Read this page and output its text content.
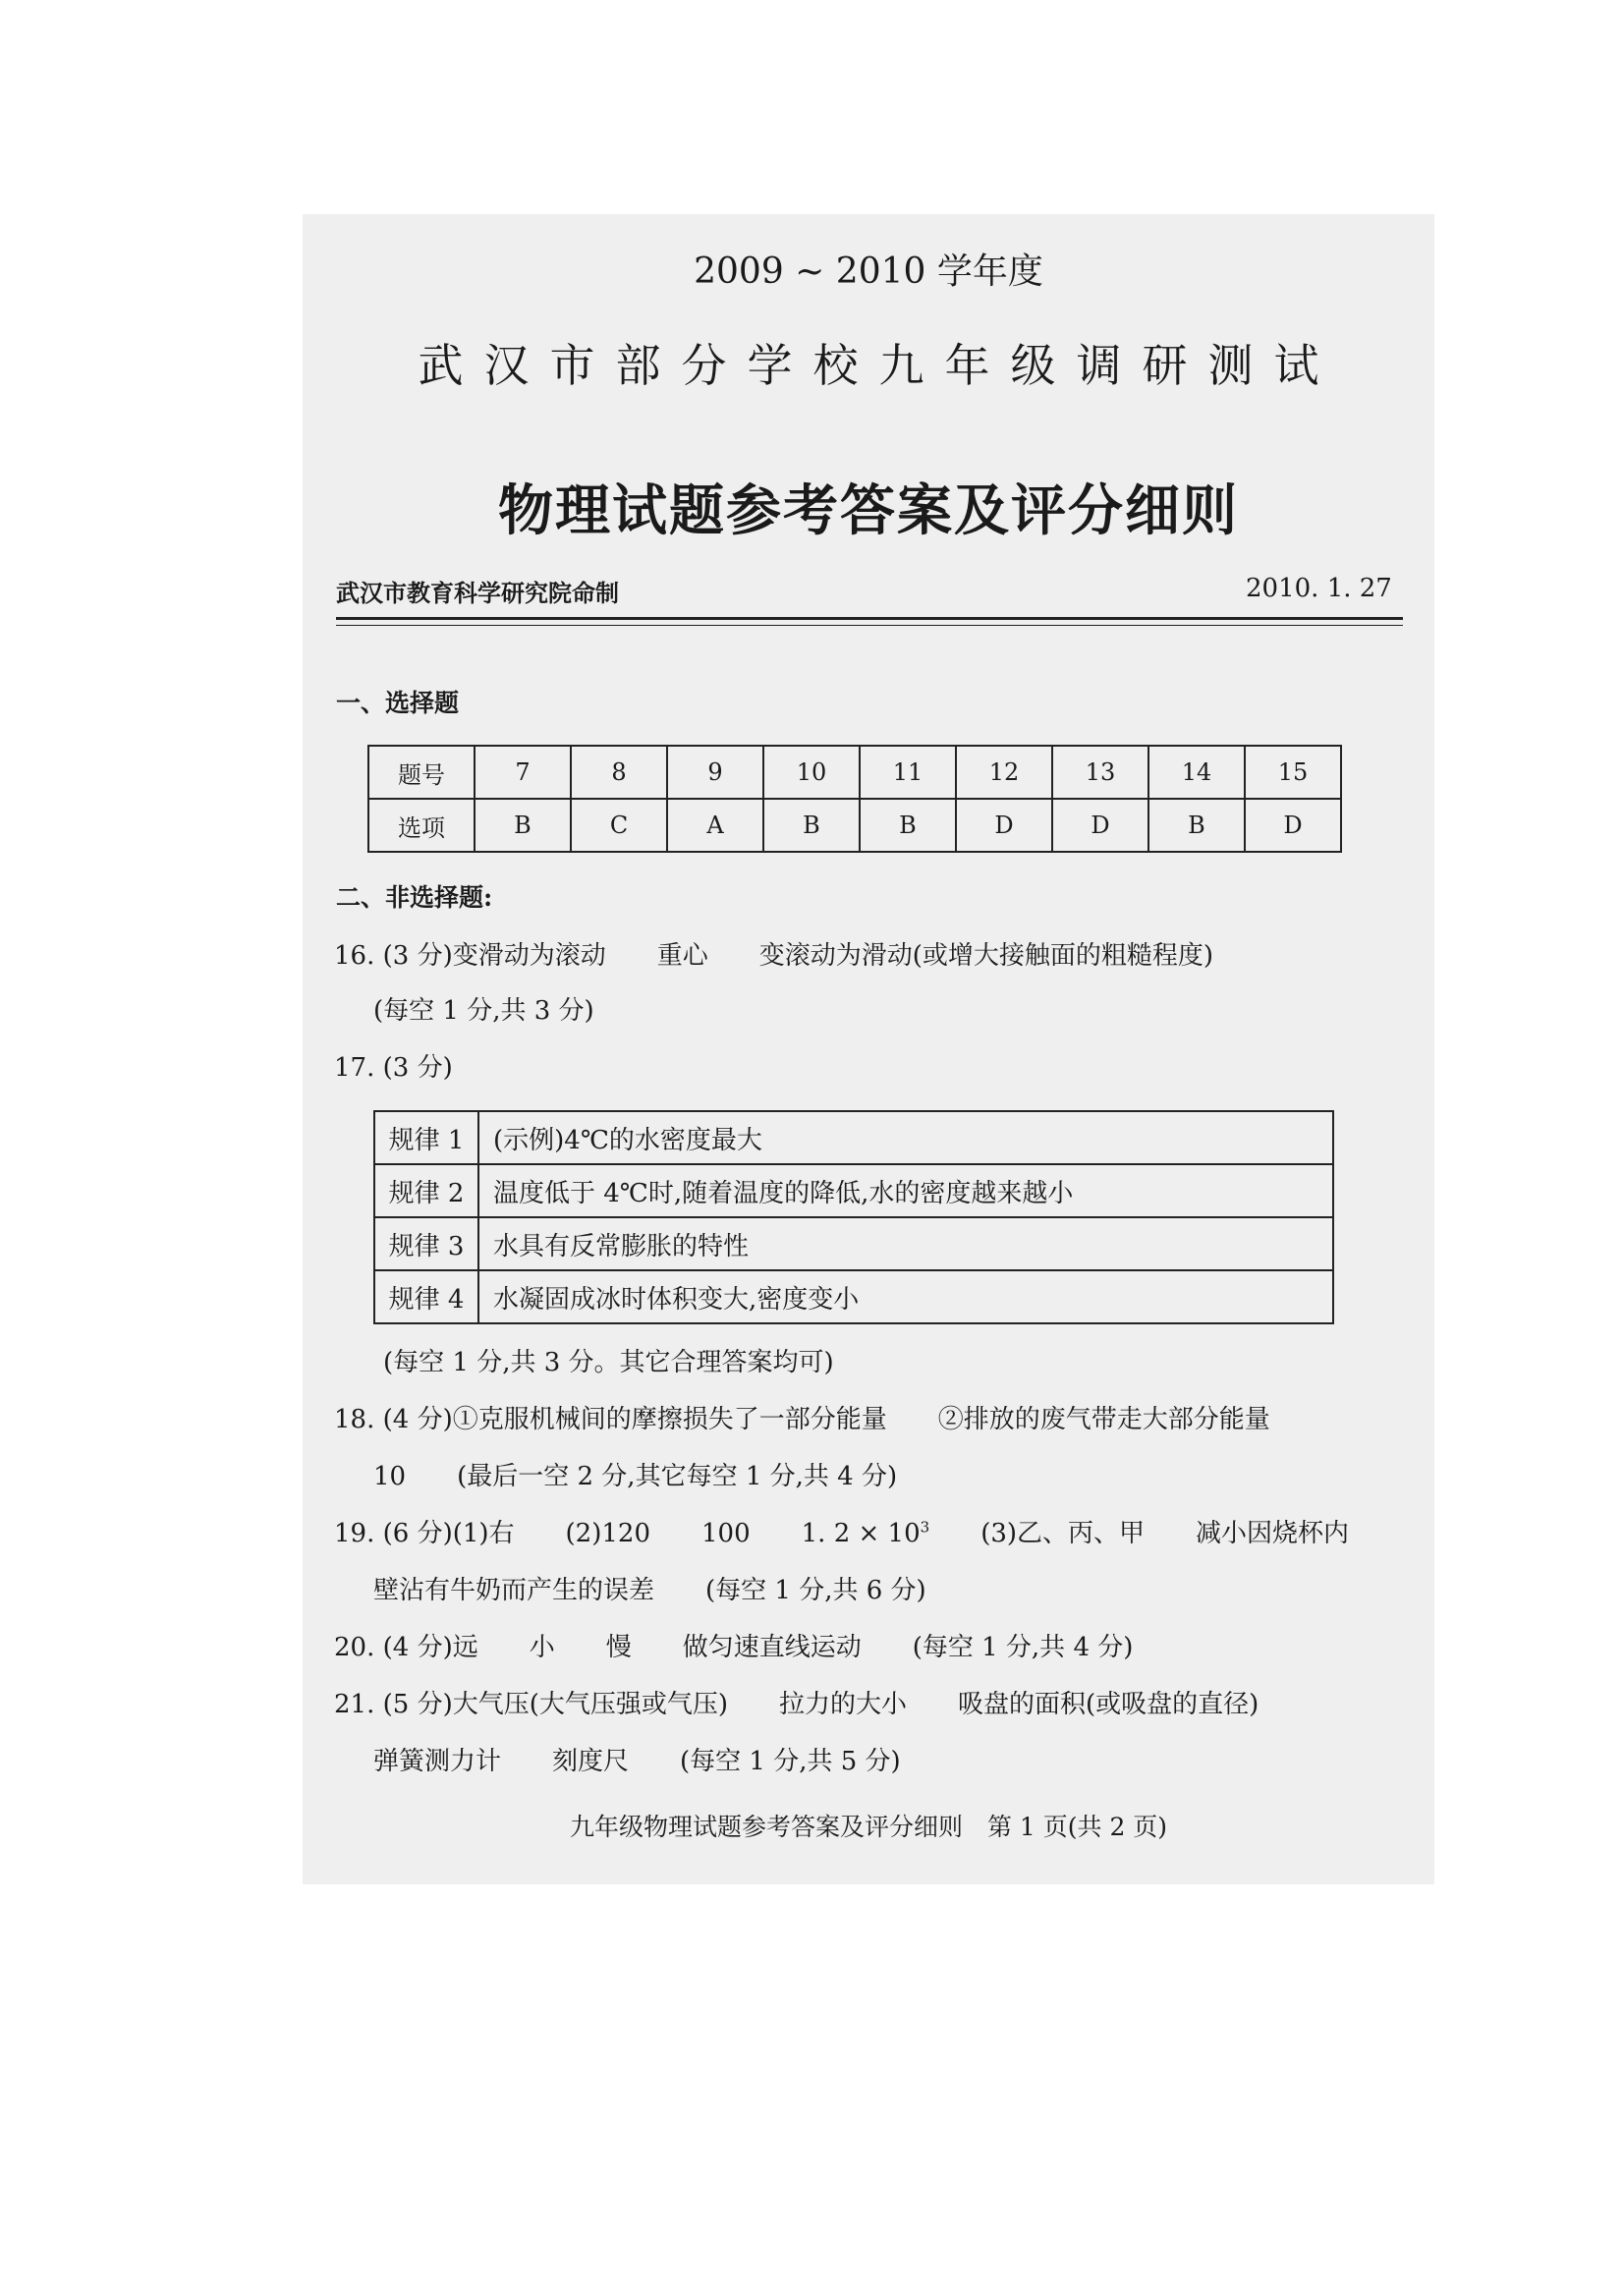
2009 ~ 2010 学年度
武汉市部分学校九年级调研测试
物理试题参考答案及评分细则
武汉市教育科学研究院命制	2010. 1. 27
一、选择题
题号	7	8	9	10	11	12	13	14	15
选项	B	C	A	B	B	D	D	B	D
二、非选择题:
16. (3 分)变滑动为滚动　　重心　　变滚动为滑动(或增大接触面的粗糙程度)
(每空 1 分,共 3 分)
17. (3 分)
规律 1	(示例)4℃的水密度最大
规律 2	温度低于 4℃时,随着温度的降低,水的密度越来越小
规律 3	水具有反常膨胀的特性
规律 4	水凝固成冰时体积变大,密度变小
(每空 1 分,共 3 分。其它合理答案均可)
18. (4 分)①克服机械间的摩擦损失了一部分能量　　②排放的废气带走大部分能量
10　　(最后一空 2 分,其它每空 1 分,共 4 分)
19. (6 分)(1)右　　(2)120　　100　　1. $2 \times 10^3$　　(3)乙、丙、甲　　减小因烧杯内
壁沾有牛奶而产生的误差　　(每空 1 分,共 6 分)
20. (4 分)远　　小　　慢　　做匀速直线运动　　(每空 1 分,共 4 分)
21. (5 分)大气压(大气压强或气压)　　拉力的大小　　吸盘的面积(或吸盘的直径)
弹簧测力计　　刻度尺　　(每空 1 分,共 5 分)
九年级物理试题参考答案及评分细则　第 1 页(共 2 页)
